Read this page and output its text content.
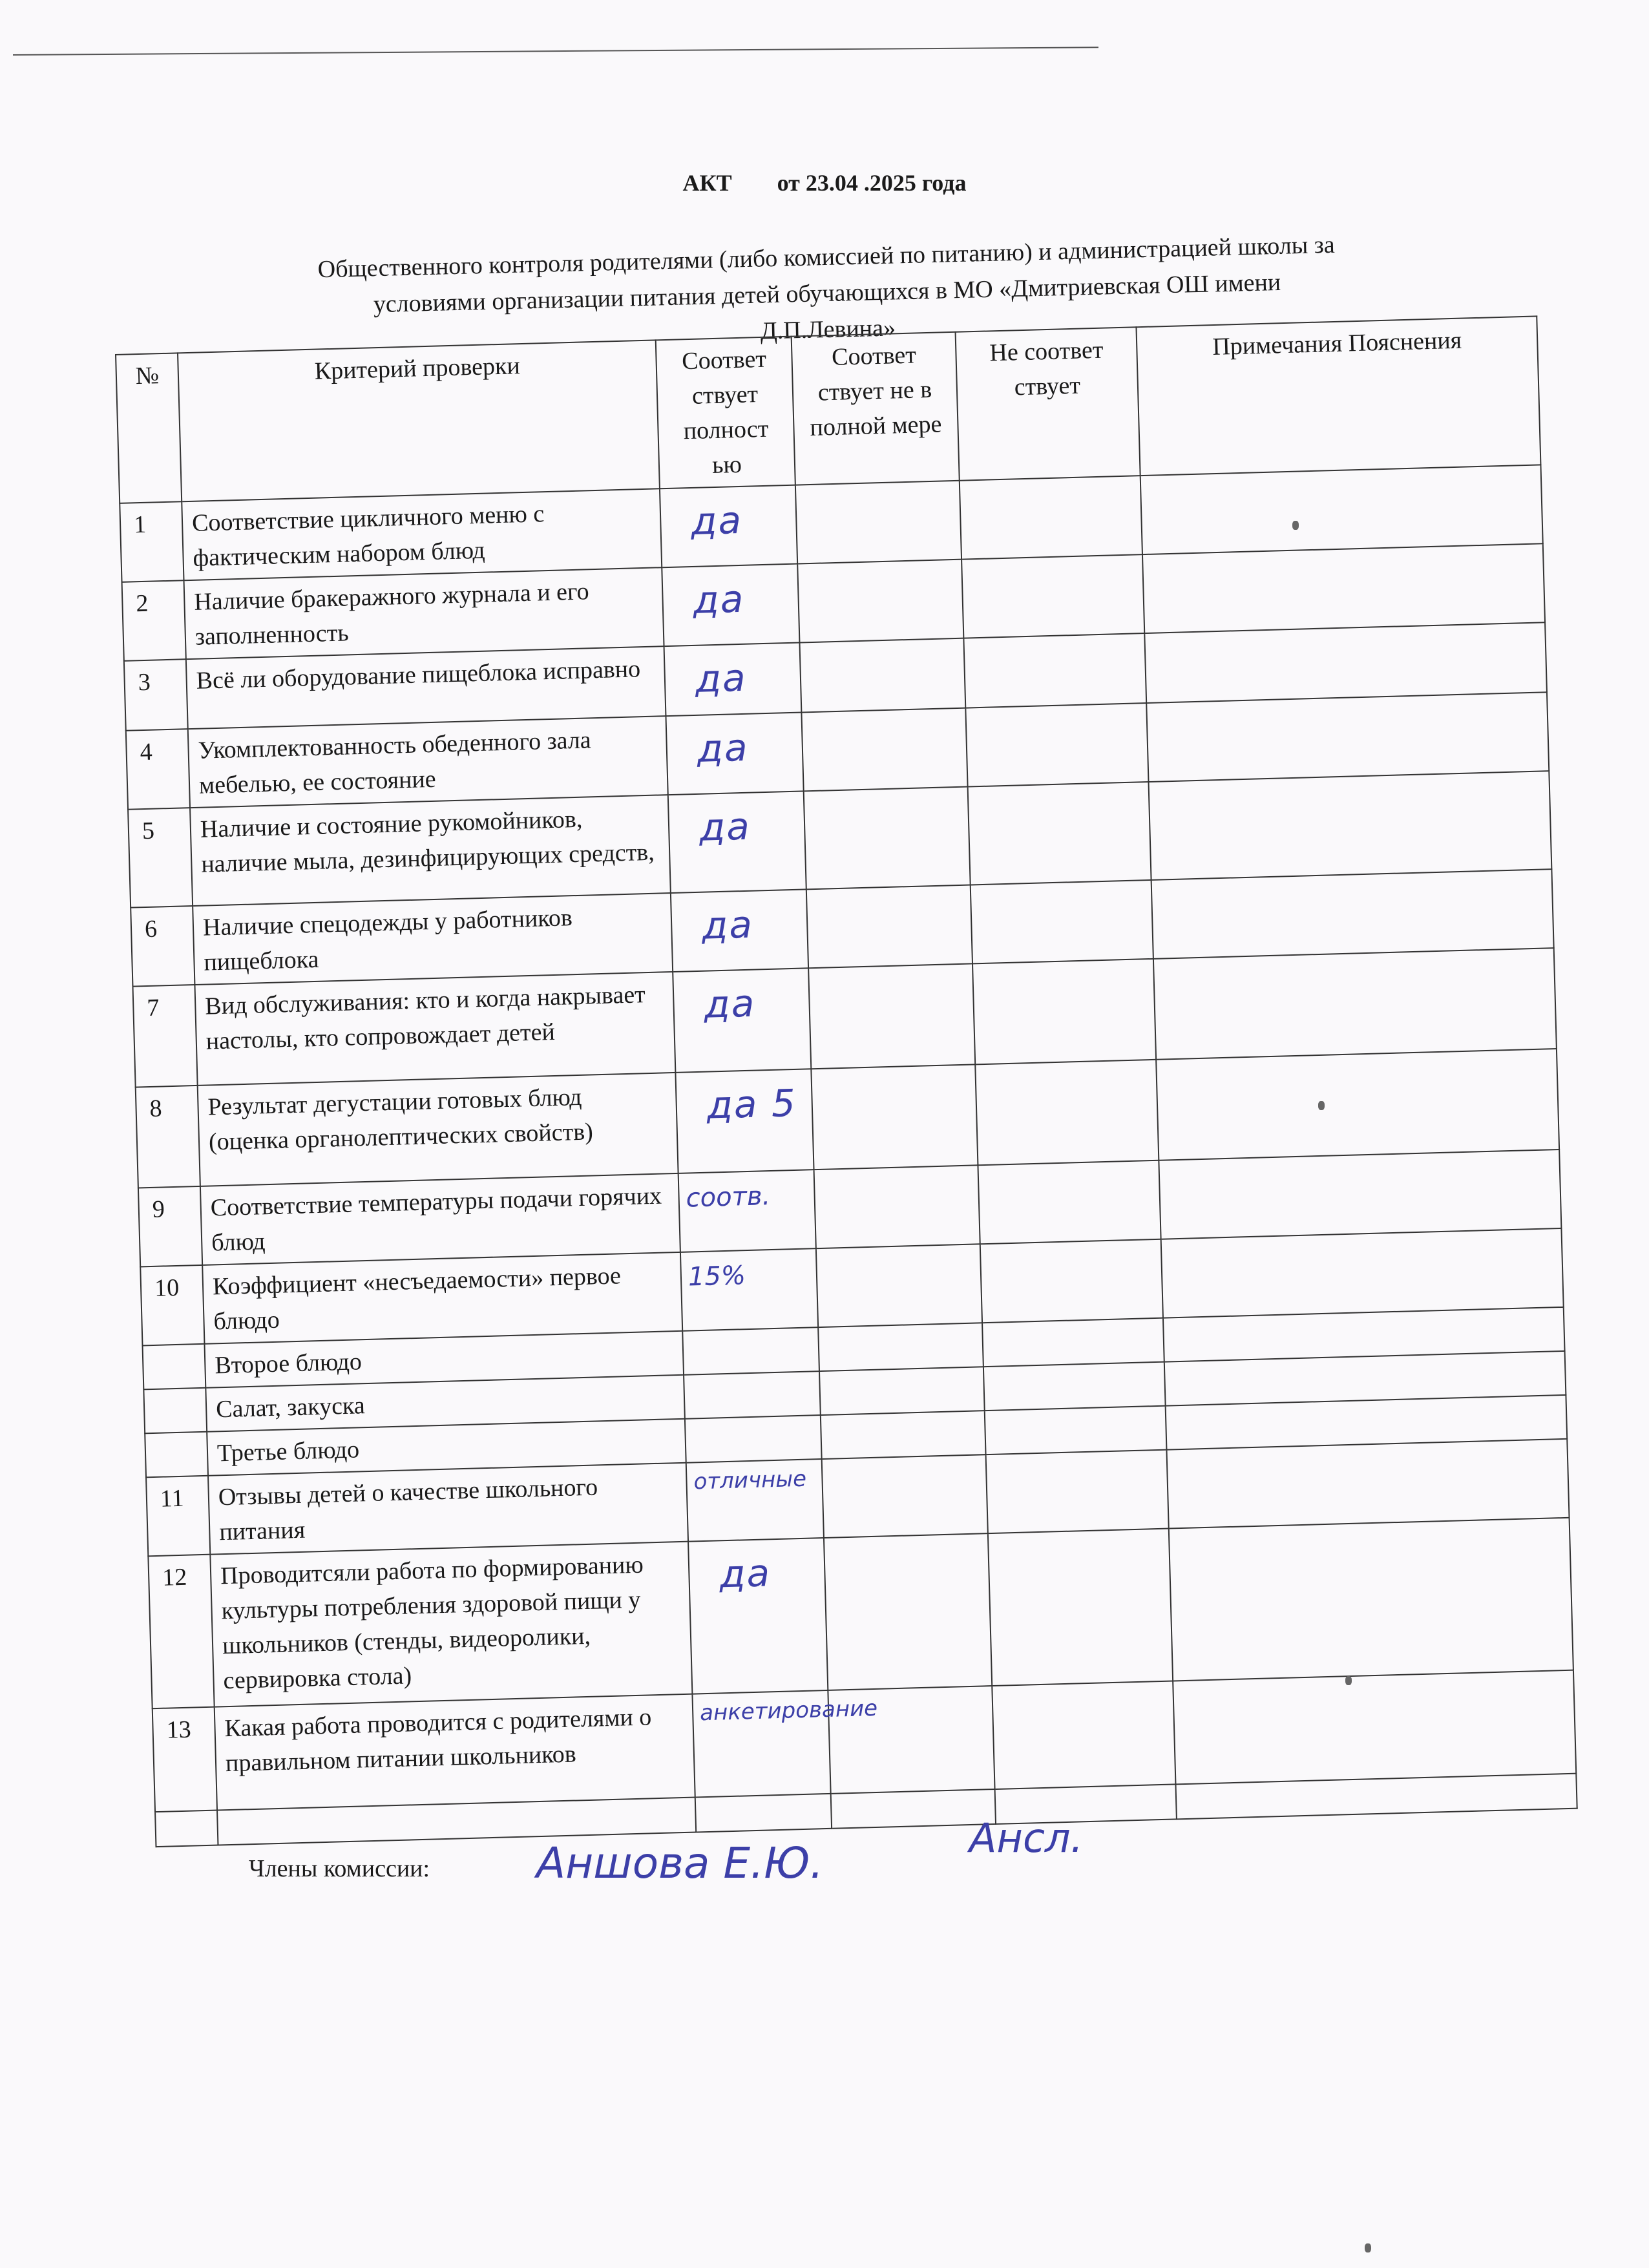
АКТ от 23.04 .2025 года
Общественного контроля родителями (либо комиссией по питанию) и администрацией школы за
условиями организации питания детей обучающихся в МО «Дмитриевская ОШ имени
Д.П.Левина»
№	Критерий проверки	Соответ ствует полност ью	Соответ ствует не в полной мере	Не соответ ствует	Примечания Пояснения
1	Соответствие цикличного меню с фактическим набором блюд	да			
2	Наличие бракеражного журнала и его заполненность	да			
3	Всё ли оборудование пищеблока исправно	да			
4	Укомплектованность обеденного зала мебелью, ее состояние	да			
5	Наличие и состояние рукомойников, наличие мыла, дезинфицирующих средств,	да			
6	Наличие спецодежды у работников пищеблока	да			
7	Вид обслуживания: кто и когда накрывает настолы, кто сопровождает детей	да			
8	Результат дегустации готовых блюд (оценка органолептических свойств)	да 5			
9	Соответствие температуры подачи горячих блюд	соотв.			
10	Коэффициент «несъедаемости» первое блюдо	15%			
	Второе блюдо				
	Салат, закуска				
	Третье блюдо				
11	Отзывы детей о качестве школьного питания	отличные			
12	Проводитсяли работа по формированию культуры потребления здоровой пищи у школьников (стенды, видеоролики, сервировка стола)	да			
13	Какая работа проводится с родителями о правильном питании школьников	анкетирование			

Члены комиссии: Аншова Е.Ю.
Ансл.
